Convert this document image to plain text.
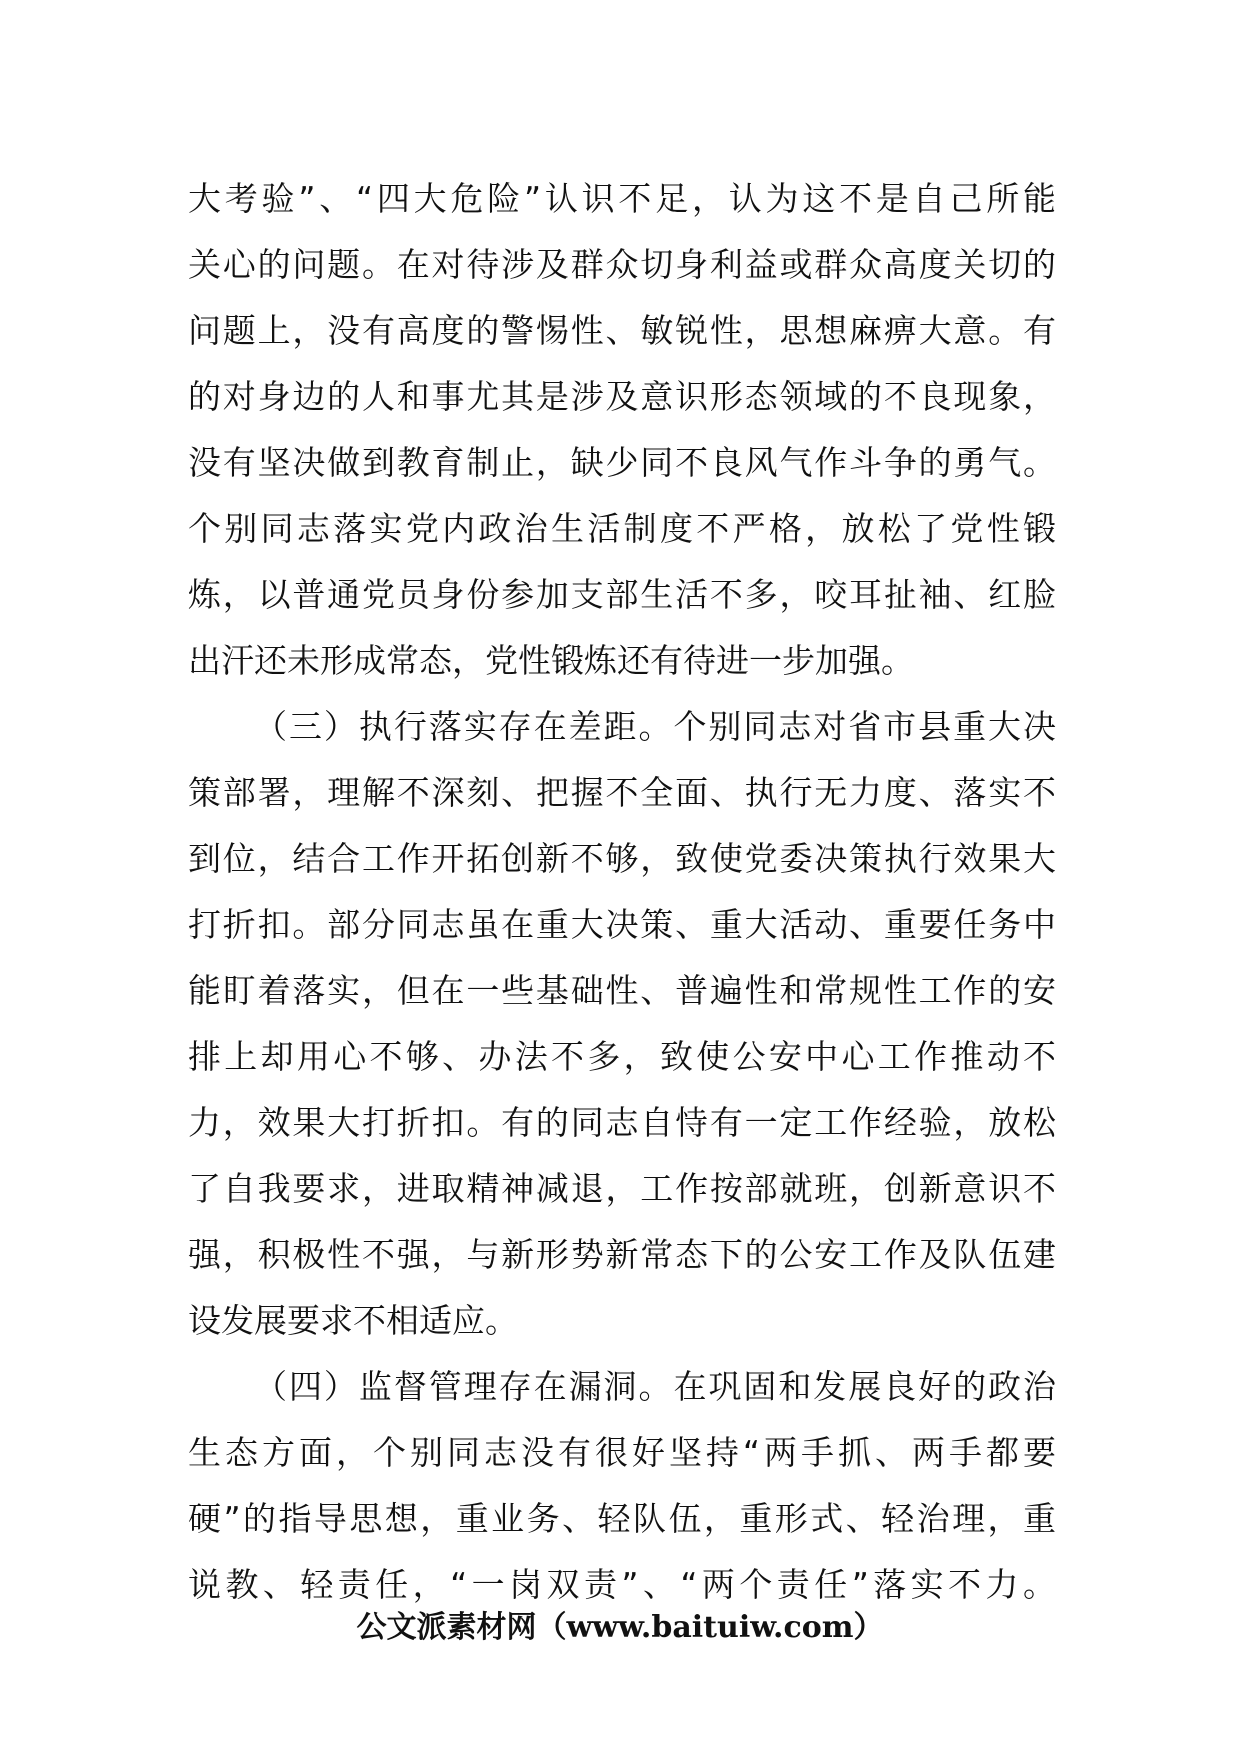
大考验”、“四大危险”认识不足，认为这不是自己所能
关心的问题。在对待涉及群众切身利益或群众高度关切的
问题上，没有高度的警惕性、敏锐性，思想麻痹大意。有
的对身边的人和事尤其是涉及意识形态领域的不良现象，
没有坚决做到教育制止，缺少同不良风气作斗争的勇气。
个别同志落实党内政治生活制度不严格，放松了党性锻
炼，以普通党员身份参加支部生活不多，咬耳扯袖、红脸
出汗还未形成常态，党性锻炼还有待进一步加强。
（三）执行落实存在差距。个别同志对省市县重大决
策部署，理解不深刻、把握不全面、执行无力度、落实不
到位，结合工作开拓创新不够，致使党委决策执行效果大
打折扣。部分同志虽在重大决策、重大活动、重要任务中
能盯着落实，但在一些基础性、普遍性和常规性工作的安
排上却用心不够、办法不多，致使公安中心工作推动不
力，效果大打折扣。有的同志自恃有一定工作经验，放松
了自我要求，进取精神减退，工作按部就班，创新意识不
强，积极性不强，与新形势新常态下的公安工作及队伍建
设发展要求不相适应。
（四）监督管理存在漏洞。在巩固和发展良好的政治
生态方面，个别同志没有很好坚持“两手抓、两手都要
硬”的指导思想，重业务、轻队伍，重形式、轻治理，重
说教、轻责任，“一岗双责”、“两个责任”落实不力。
公文派素材网（www.baituiw.com）
